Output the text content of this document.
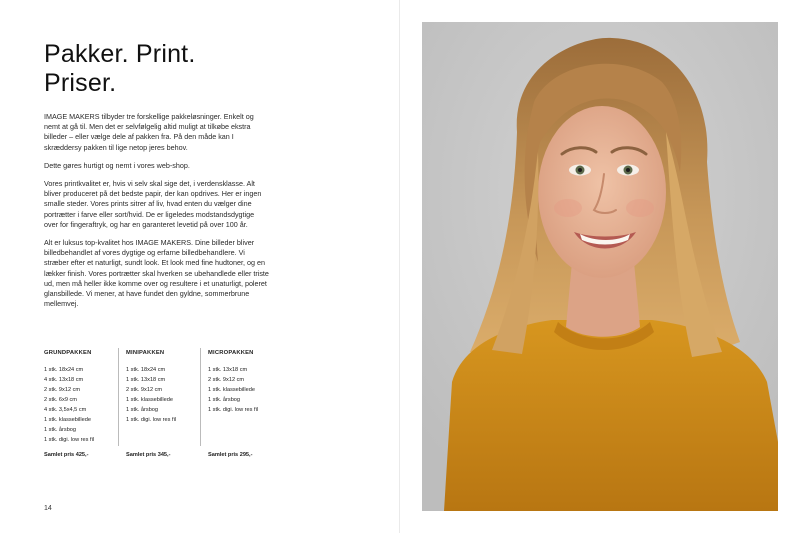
Pakker. Print.
Priser.

IMAGE MAKERS tilbyder tre forskellige pakkeløsninger. Enkelt og nemt at gå til. Men det er selvfølgelig altid muligt at tilkøbe ekstra billeder – eller vælge dele af pakken fra. På den måde kan I skræddersy pakken til lige netop jeres behov.

Dette gøres hurtigt og nemt i vores web-shop.

Vores printkvalitet er, hvis vi selv skal sige det, i verdensklasse. Alt bliver produceret på det bedste papir, der kan opdrives. Her er ingen smalle steder. Vores prints sitrer af liv, hvad enten du vælger dine portrætter i farve eller sort/hvid. De er ligeledes modstandsdygtige over for fingeraftryk, og har en garanteret levetid på over 100 år.

Alt er luksus top-kvalitet hos IMAGE MAKERS. Dine billeder bliver billedbehandlet af vores dygtige og erfarne billedbehandlere. Vi stræber efter et naturligt, sundt look. Et look med fine hudtoner, og en lækker finish. Vores portrætter skal hverken se ubehandlede eller triste ud, men må heller ikke komme over og resultere i et unaturligt, poleret glansbillede. Vi mener, at have fundet den gyldne, sommerbrune mellemvej.

GRUNDPAKKEN
1 stk. 18x24 cm
4 stk. 13x18 cm
2 stk. 9x12 cm
2 stk. 6x9 cm
4 stk. 3,5x4,5 cm
1 stk. klassebillede
1 stk. årsbog
1 stk. digi. low res fil
Samlet pris 425,-
MINIPAKKEN
1 stk. 18x24 cm
1 stk. 13x18 cm
2 stk. 9x12 cm
1 stk. klassebillede
1 stk. årsbog
1 stk. digi. low res fil
Samlet pris 345,-
MICROPAKKEN
1 stk. 13x18 cm
2 stk. 9x12 cm
1 stk. klassebillede
1 stk. årsbog
1 stk. digi. low res fil
Samlet pris 295,-
14
